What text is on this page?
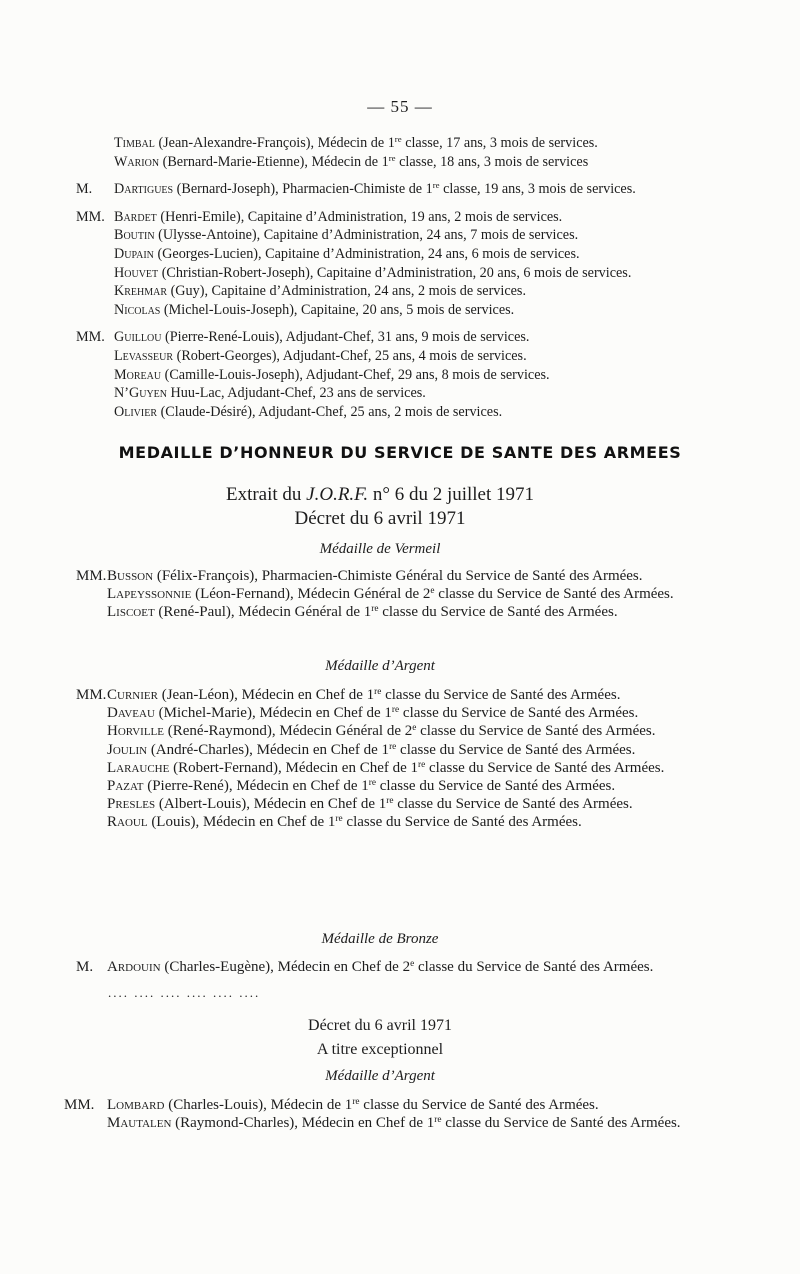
— 55 —
Timbal (Jean-Alexandre-François), Médecin de 1re classe, 17 ans, 3 mois de services.
Warion (Bernard-Marie-Etienne), Médecin de 1re classe, 18 ans, 3 mois de services
M. Dartigues (Bernard-Joseph), Pharmacien-Chimiste de 1re classe, 19 ans, 3 mois de services.
MM. Bardet (Henri-Emile), Capitaine d’Administration, 19 ans, 2 mois de services.
Boutin (Ulysse-Antoine), Capitaine d’Administration, 24 ans, 7 mois de services.
Dupain (Georges-Lucien), Capitaine d’Administration, 24 ans, 6 mois de services.
Houvet (Christian-Robert-Joseph), Capitaine d’Administration, 20 ans, 6 mois de services.
Krehmar (Guy), Capitaine d’Administration, 24 ans, 2 mois de services.
Nicolas (Michel-Louis-Joseph), Capitaine, 20 ans, 5 mois de services.
MM. Guillou (Pierre-René-Louis), Adjudant-Chef, 31 ans, 9 mois de services.
Levasseur (Robert-Georges), Adjudant-Chef, 25 ans, 4 mois de services.
Moreau (Camille-Louis-Joseph), Adjudant-Chef, 29 ans, 8 mois de services.
N’Guyen Huu-Lac, Adjudant-Chef, 23 ans de services.
Olivier (Claude-Désiré), Adjudant-Chef, 25 ans, 2 mois de services.
MEDAILLE D’HONNEUR DU SERVICE DE SANTE DES ARMEES
Extrait du J.O.R.F. n° 6 du 2 juillet 1971
Décret du 6 avril 1971
Médaille de Vermeil
MM. Busson (Félix-François), Pharmacien-Chimiste Général du Service de Santé des Armées.
Lapeyssonnie (Léon-Fernand), Médecin Général de 2e classe du Service de Santé des Armées.
Liscoet (René-Paul), Médecin Général de 1re classe du Service de Santé des Armées.
Médaille d’Argent
MM. Curnier (Jean-Léon), Médecin en Chef de 1re classe du Service de Santé des Armées.
Daveau (Michel-Marie), Médecin en Chef de 1re classe du Service de Santé des Armées.
Horville (René-Raymond), Médecin Général de 2e classe du Service de Santé des Armées.
Joulin (André-Charles), Médecin en Chef de 1re classe du Service de Santé des Armées.
Larauche (Robert-Fernand), Médecin en Chef de 1re classe du Service de Santé des Armées.
Pazat (Pierre-René), Médecin en Chef de 1re classe du Service de Santé des Armées.
Presles (Albert-Louis), Médecin en Chef de 1re classe du Service de Santé des Armées.
Raoul (Louis), Médecin en Chef de 1re classe du Service de Santé des Armées.
Médaille de Bronze
M. Ardouin (Charles-Eugène), Médecin en Chef de 2e classe du Service de Santé des Armées.
.... .... .... .... .... ....
Décret du 6 avril 1971
A titre exceptionnel
Médaille d’Argent
MM. Lombard (Charles-Louis), Médecin de 1re classe du Service de Santé des Armées.
Mautalen (Raymond-Charles), Médecin en Chef de 1re classe du Service de Santé des Armées.
